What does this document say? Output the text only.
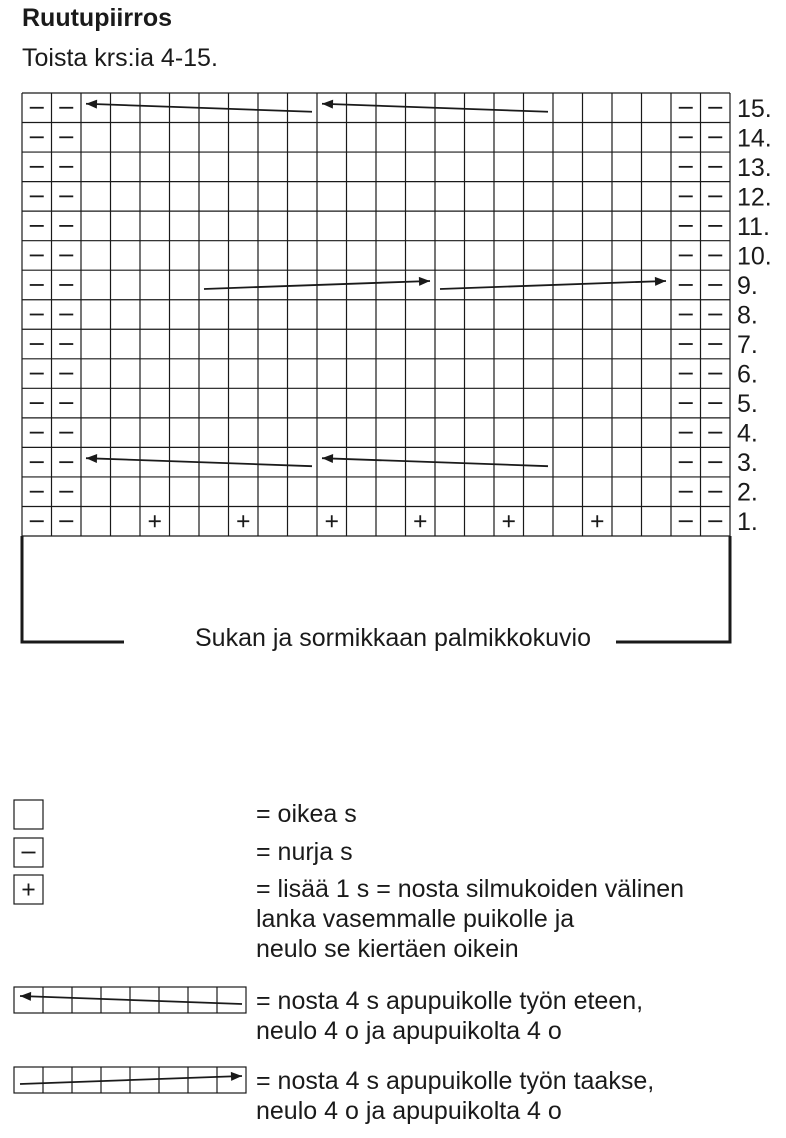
Ruutupiirros
Toista krs:ia 4-15.
1.
2.
3.
4.
5.
6.
7.
8.
9.
10.
11.
12.
13.
14.
15.
Sukan ja sormikkaan palmikkokuvio
= oikea s
= nurja s
= lisää 1 s = nosta silmukoiden välinen
lanka vasemmalle puikolle ja
neulo se kiertäen oikein
= nosta 4 s apupuikolle työn eteen,
neulo 4 o ja apupuikolta 4 o
= nosta 4 s apupuikolle työn taakse,
neulo 4 o ja apupuikolta 4 o
